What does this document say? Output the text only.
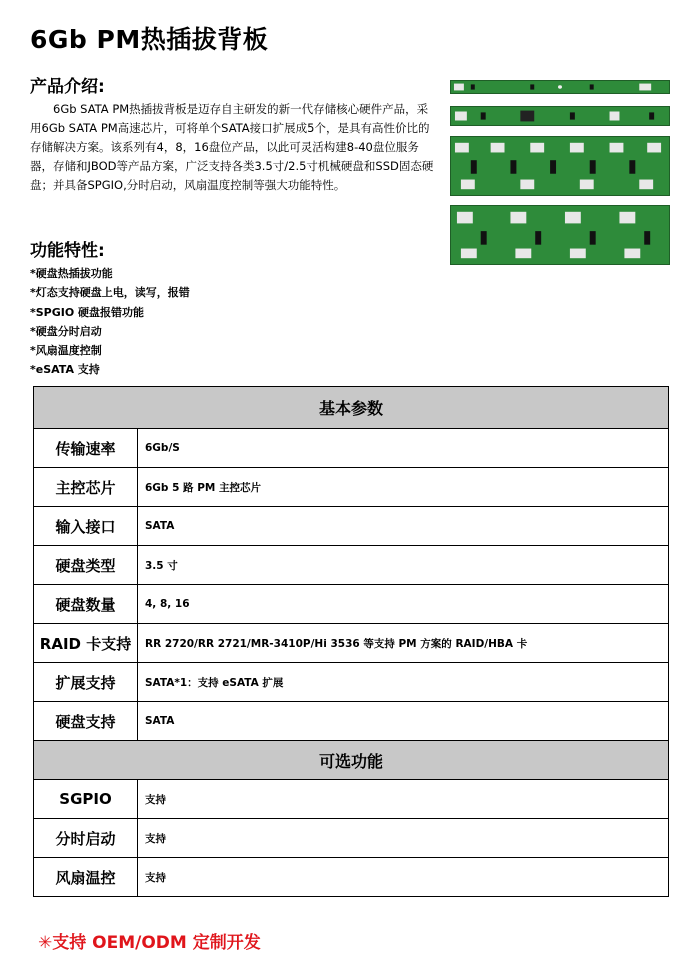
6Gb PM热插拔背板
产品介绍:
6Gb SATA PM热插拔背板是迈存自主研发的新一代存储核心硬件产品，采用6Gb SATA PM高速芯片，可将单个SATA接口扩展成5个，是具有高性价比的存储解决方案。该系列有4，8，16盘位产品，以此可灵活构建8-40盘位服务器，存储和JBOD等产品方案，广泛支持各类3.5寸/2.5寸机械硬盘和SSD固态硬盘；并具备SPGIO,分时启动，风扇温度控制等强大功能特性。
功能特性:
*硬盘热插拔功能
*灯态支持硬盘上电，读写，报错
*SPGIO 硬盘报错功能
*硬盘分时启动
*风扇温度控制
*eSATA 支持
基本参数	
传输速率	6Gb/S
主控芯片	6Gb 5 路 PM 主控芯片
输入接口	SATA
硬盘类型	3.5 寸
硬盘数量	4, 8, 16
RAID 卡支持	RR 2720/RR 2721/MR-3410P/Hi 3536 等支持 PM 方案的 RAID/HBA 卡
扩展支持	SATA*1：支持 eSATA 扩展
硬盘支持	SATA
可选功能	
SGPIO	支持
分时启动	支持
风扇温控	支持
✳支持 OEM/ODM 定制开发
